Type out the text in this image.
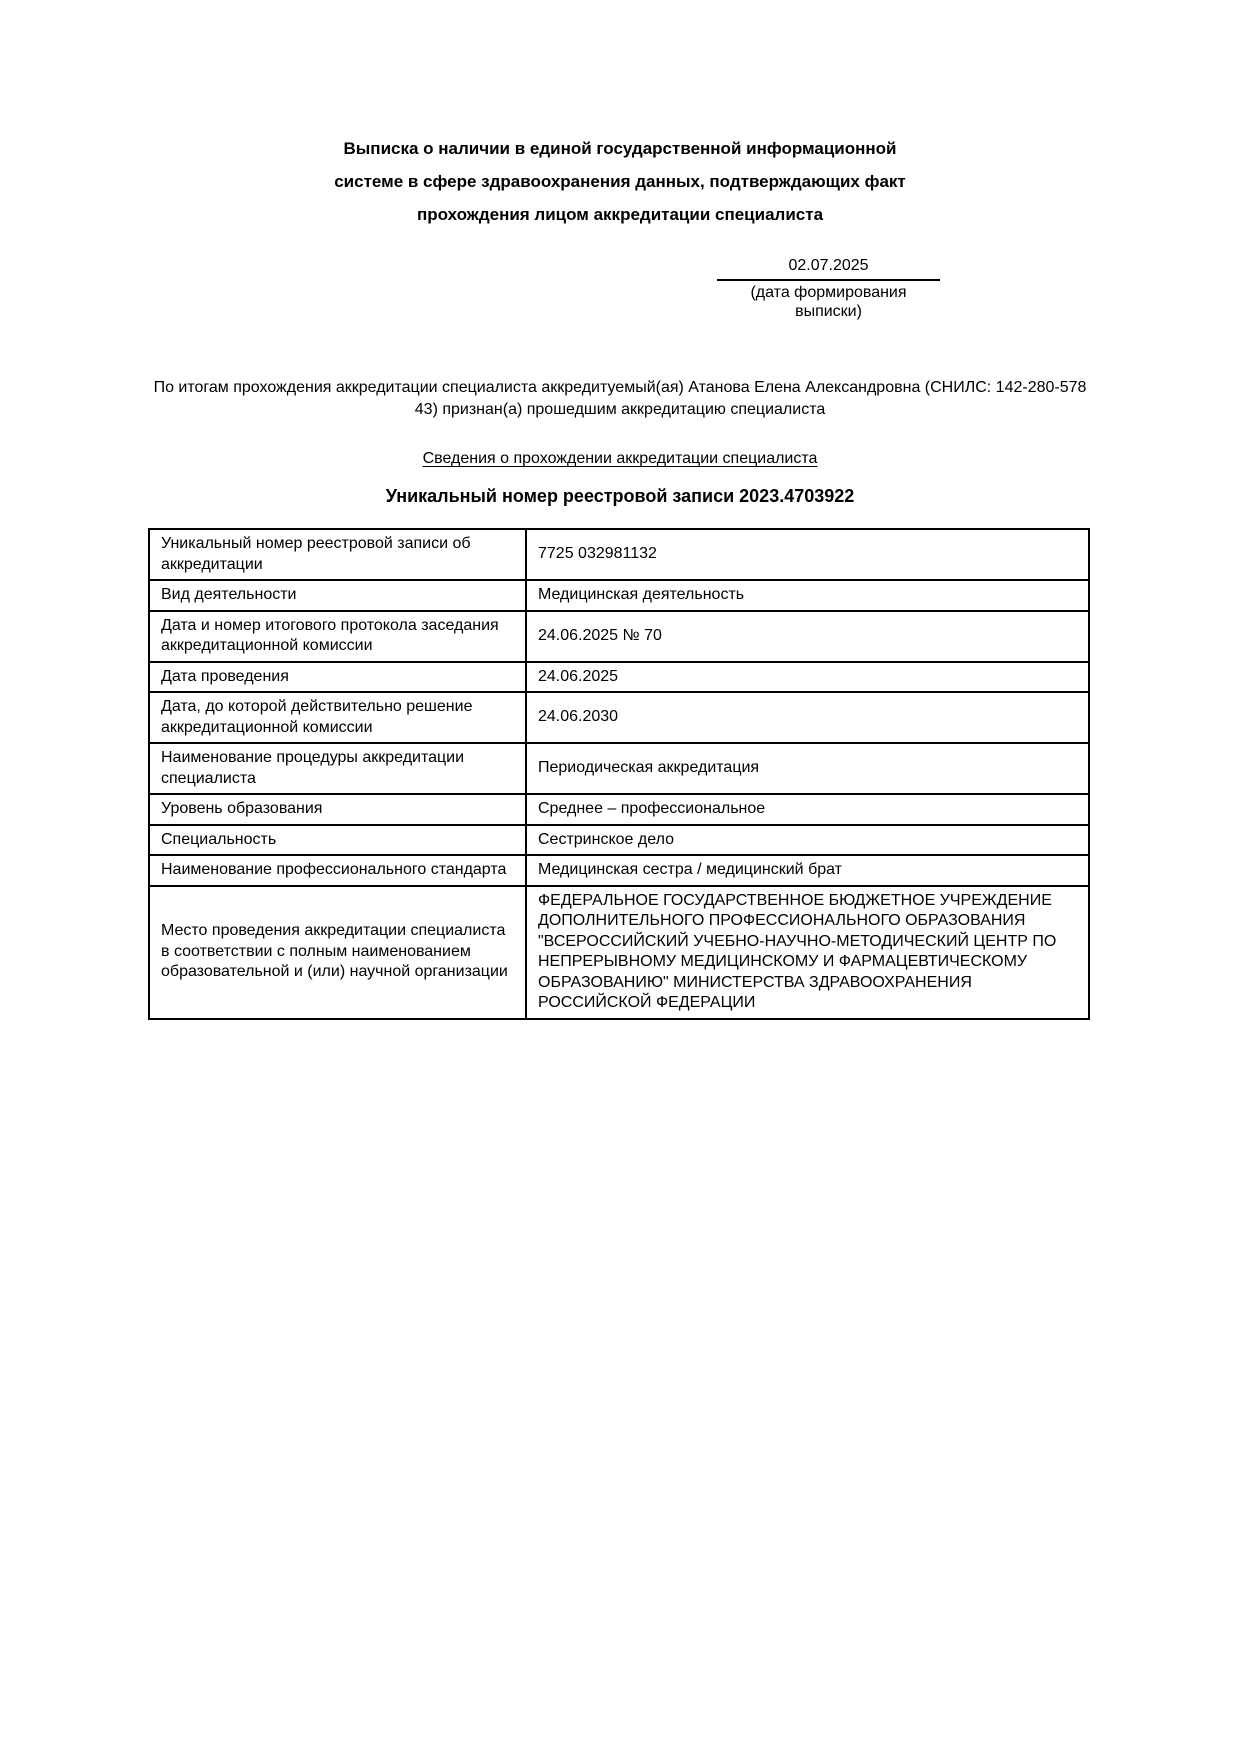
Выписка о наличии в единой государственной информационной
системе в сфере здравоохранения данных, подтверждающих факт
прохождения лицом аккредитации специалиста
02.07.2025
(дата формирования выписки)
По итогам прохождения аккредитации специалиста аккредитуемый(ая) Атанова Елена Александровна (СНИЛС: 142-280-578
43) признан(а) прошедшим аккредитацию специалиста
Сведения о прохождении аккредитации специалиста
Уникальный номер реестровой записи 2023.4703922
Уникальный номер реестровой записи об аккредитации	7725 032981132
Вид деятельности	Медицинская деятельность
Дата и номер итогового протокола заседания аккредитационной комиссии	24.06.2025 № 70
Дата проведения	24.06.2025
Дата, до которой действительно решение аккредитационной комиссии	24.06.2030
Наименование процедуры аккредитации специалиста	Периодическая аккредитация
Уровень образования	Среднее – профессиональное
Специальность	Сестринское дело
Наименование профессионального стандарта	Медицинская сестра / медицинский брат
Место проведения аккредитации специалиста в соответствии с полным наименованием образовательной и (или) научной организации	ФЕДЕРАЛЬНОЕ ГОСУДАРСТВЕННОЕ БЮДЖЕТНОЕ УЧРЕЖДЕНИЕ ДОПОЛНИТЕЛЬНОГО ПРОФЕССИОНАЛЬНОГО ОБРАЗОВАНИЯ "ВСЕРОССИЙСКИЙ УЧЕБНО-НАУЧНО-МЕТОДИЧЕСКИЙ ЦЕНТР ПО НЕПРЕРЫВНОМУ МЕДИЦИНСКОМУ И ФАРМАЦЕВТИЧЕСКОМУ ОБРАЗОВАНИЮ" МИНИСТЕРСТВА ЗДРАВООХРАНЕНИЯ РОССИЙСКОЙ ФЕДЕРАЦИИ
